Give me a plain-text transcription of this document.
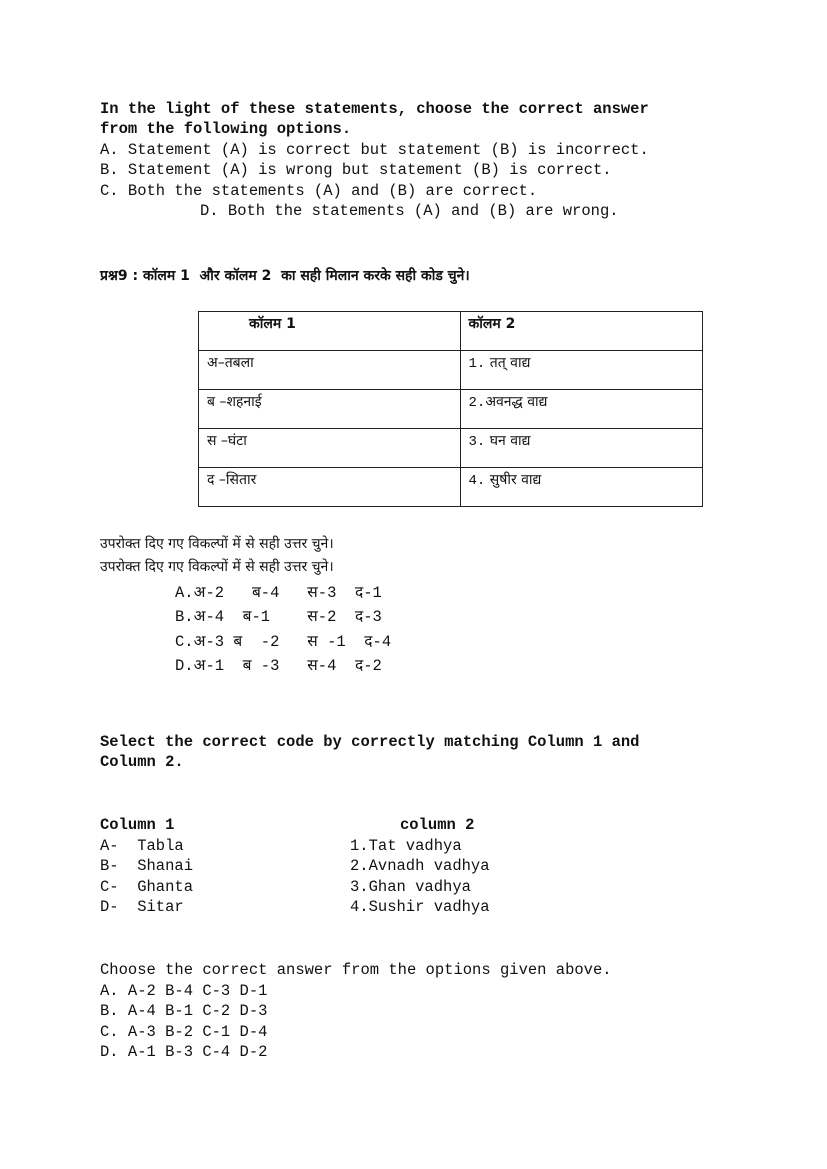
In the light of these statements, choose the correct answer
from the following options.
A. Statement (A) is correct but statement (B) is incorrect.
B. Statement (A) is wrong but statement (B) is correct.
C. Both the statements (A) and (B) are correct.
D. Both the statements (A) and (B) are wrong.
प्रश्न9 : कॉलम 1  और कॉलम 2  का सही मिलान करके सही कोड चुने।
कॉलम 1	कॉलम 2
अ–तबला	1. तत् वाद्य
ब –शहनाई	2.अवनद्ध वाद्य
स –घंटा	3. घन वाद्य
द –सितार	4. सुषीर वाद्य
उपरोक्त दिए गए विकल्पों में से सही उत्तर चुने।
उपरोक्त दिए गए विकल्पों में से सही उत्तर चुने।
A.अ-2   ब-4   स-3  द-1
B.अ-4  ब-1    स-2  द-3
C.अ-3 ब  -2   स -1  द-4
D.अ-1  ब -3   स-4  द-2
Select the correct code by correctly matching Column 1 and
Column 2.
Column 1	column 2
A-  Tabla	1.Tat vadhya
B-  Shanai	2.Avnadh vadhya
C-  Ghanta	3.Ghan vadhya
D-  Sitar	4.Sushir vadhya
Choose the correct answer from the options given above.
A. A-2 B-4 C-3 D-1
B. A-4 B-1 C-2 D-3
C. A-3 B-2 C-1 D-4
D. A-1 B-3 C-4 D-2
